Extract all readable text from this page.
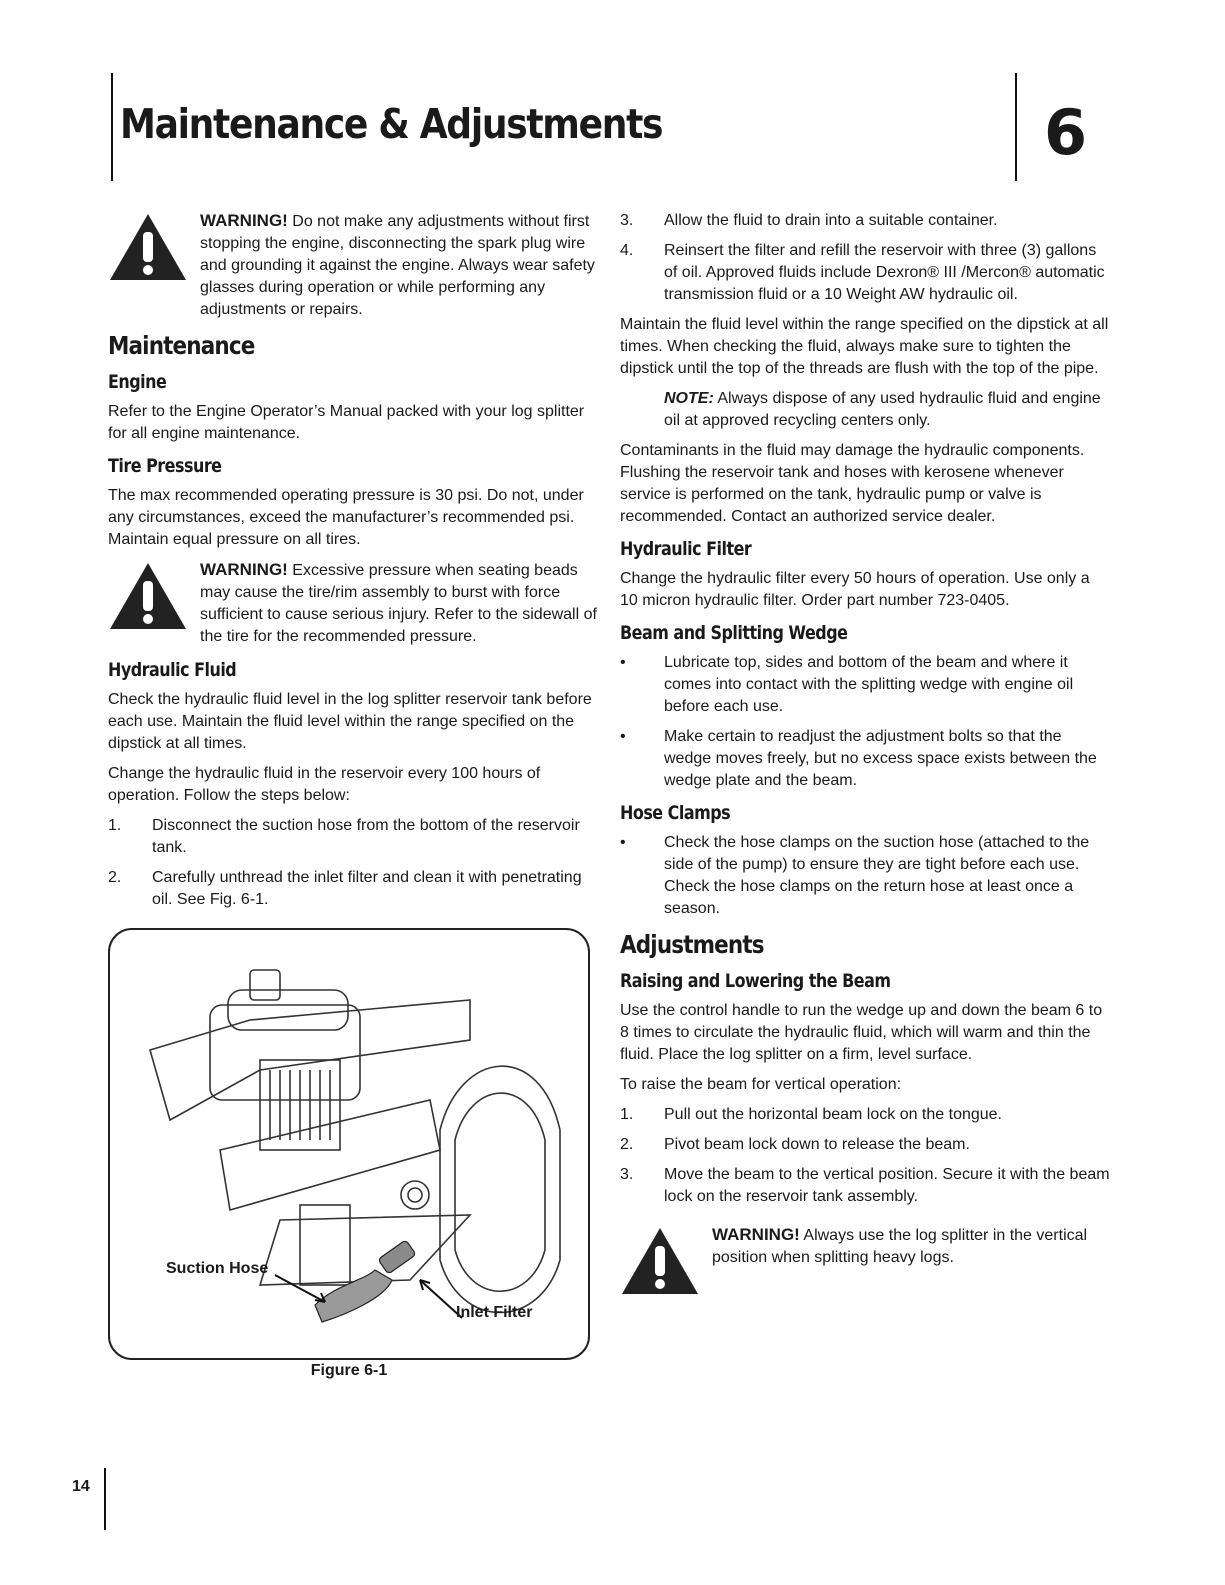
Maintenance & Adjustments	6
WARNING! Do not make any adjustments without first stopping the engine, disconnecting the spark plug wire and grounding it against the engine. Always wear safety glasses during operation or while performing any adjustments or repairs.
Maintenance
Engine

Refer to the Engine Operator’s Manual packed with your log splitter for all engine maintenance.

Tire Pressure

The max recommended operating pressure is 30 psi. Do not, under any circumstances, exceed the manufacturer’s recommended psi. Maintain equal pressure on all tires.

WARNING! Excessive pressure when seating beads may cause the tire/rim assembly to burst with force sufficient to cause serious injury. Refer to the sidewall of the tire for the recommended pressure.
Hydraulic Fluid

Check the hydraulic fluid level in the log splitter reservoir tank before each use. Maintain the fluid level within the range specified on the dipstick at all times.

Change the hydraulic fluid in the reservoir every 100 hours of operation. Follow the steps below:

1. Disconnect the suction hose from the bottom of the reservoir tank.
2. Carefully unthread the inlet filter and clean it with penetrating oil. See Fig. 6-1.
Suction Hose
Inlet Filter
Figure 6-1
3. Allow the fluid to drain into a suitable container.
4. Reinsert the filter and refill the reservoir with three (3) gallons of oil. Approved fluids include Dexron® III /Mercon® automatic transmission fluid or a 10 Weight AW hydraulic oil.

Maintain the fluid level within the range specified on the dipstick at all times. When checking the fluid, always make sure to tighten the dipstick until the top of the threads are flush with the top of the pipe.

NOTE: Always dispose of any used hydraulic fluid and engine oil at approved recycling centers only.

Contaminants in the fluid may damage the hydraulic components. Flushing the reservoir tank and hoses with kerosene whenever service is performed on the tank, hydraulic pump or valve is recommended. Contact an authorized service dealer.

Hydraulic Filter

Change the hydraulic filter every 50 hours of operation. Use only a 10 micron hydraulic filter. Order part number 723-0405.

Beam and Splitting Wedge
• Lubricate top, sides and bottom of the beam and where it comes into contact with the splitting wedge with engine oil before each use.
• Make certain to readjust the adjustment bolts so that the wedge moves freely, but no excess space exists between the wedge plate and the beam.
Hose Clamps
• Check the hose clamps on the suction hose (attached to the side of the pump) to ensure they are tight before each use. Check the hose clamps on the return hose at least once a season.
Adjustments
Raising and Lowering the Beam

Use the control handle to run the wedge up and down the beam 6 to 8 times to circulate the hydraulic fluid, which will warm and thin the fluid. Place the log splitter on a firm, level surface.

To raise the beam for vertical operation:

1. Pull out the horizontal beam lock on the tongue.
2. Pivot beam lock down to release the beam.
3. Move the beam to the vertical position. Secure it with the beam lock on the reservoir tank assembly.
WARNING! Always use the log splitter in the vertical position when splitting heavy logs.
14
